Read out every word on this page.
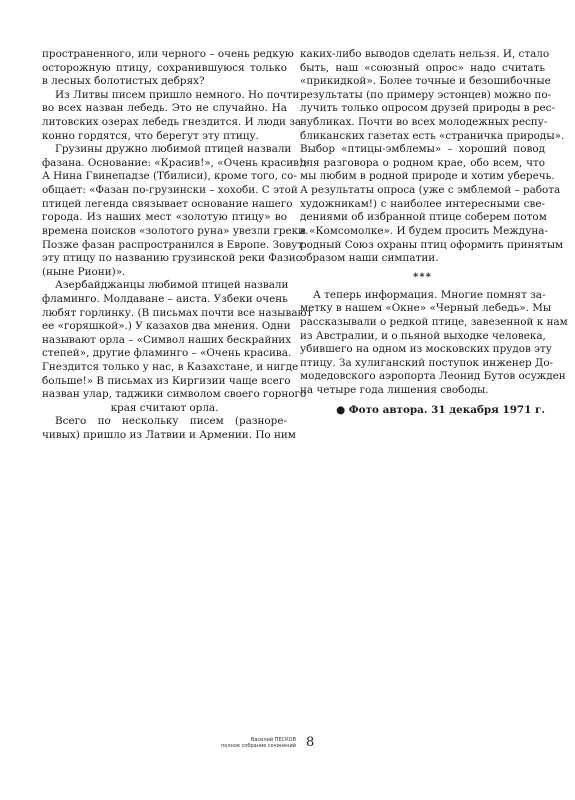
пространенного, или черного – очень редкую
осторожную птицу, сохранившуюся только
в лесных болотистых дебрях?
Из Литвы писем пришло немного. Но почти
во всех назван лебедь. Это не случайно. На
литовских озерах лебедь гнездится. И люди за-
конно гордятся, что берегут эту птицу.
Грузины дружно любимой птицей назвали
фазана. Основание: «Красив!», «Очень красив!»
А Нина Гвинепадзе (Тбилиси), кроме того, со-
общает: «Фазан по-грузински – хохоби. С этой
птицей легенда связывает основание нашего
города. Из наших мест «золотую птицу» во
времена поисков «золотого руна» увезли греки.
Позже фазан распространился в Европе. Зовут
эту птицу по названию грузинской реки Фазис
(ныне Риони)».
Азербайджанцы любимой птицей назвали
фламинго. Молдаване – аиста. Узбеки очень
любят горлинку. (В письмах почти все называют
ее «горяшкой».) У казахов два мнения. Одни
называют орла – «Символ наших бескрайних
степей», другие фламинго – «Очень красива.
Гнездится только у нас, в Казахстане, и нигде
больше!» В письмах из Киргизии чаще всего
назван улар, таджики символом своего горного
края считают орла.
Всего по нескольку писем (разноре-
чивых) пришло из Латвии и Армении. По ним
каких-либо выводов сделать нельзя. И, стало
быть, наш «союзный опрос» надо считать
«прикидкой». Более точные и безошибочные
результаты (по примеру эстонцев) можно по-
лучить только опросом друзей природы в рес-
публиках. Почти во всех молодежных респу-
бликанских газетах есть «страничка природы».
Выбор «птицы-эмблемы» – хороший повод
для разговора о родном крае, обо всем, что
мы любим в родной природе и хотим уберечь.
А результаты опроса (уже с эмблемой – работа
художникам!) с наиболее интересными све-
дениями об избранной птице соберем потом
в «Комсомолке». И будем просить Междуна-
родный Союз охраны птиц оформить принятым
образом наши симпатии.
***
А теперь информация. Многие помнят за-
метку в нашем «Окне» «Черный лебедь». Мы
рассказывали о редкой птице, завезенной к нам
из Австралии, и о пьяной выходке человека,
убившего на одном из московских прудов эту
птицу. За хулиганский поступок инженер До-
модедовского аэропорта Леонид Бутов осужден
на четыре года лишения свободы.
● Фото автора. 31 декабря 1971 г.
Василий ПЕСКОВ
полное собрание сочинений 8
